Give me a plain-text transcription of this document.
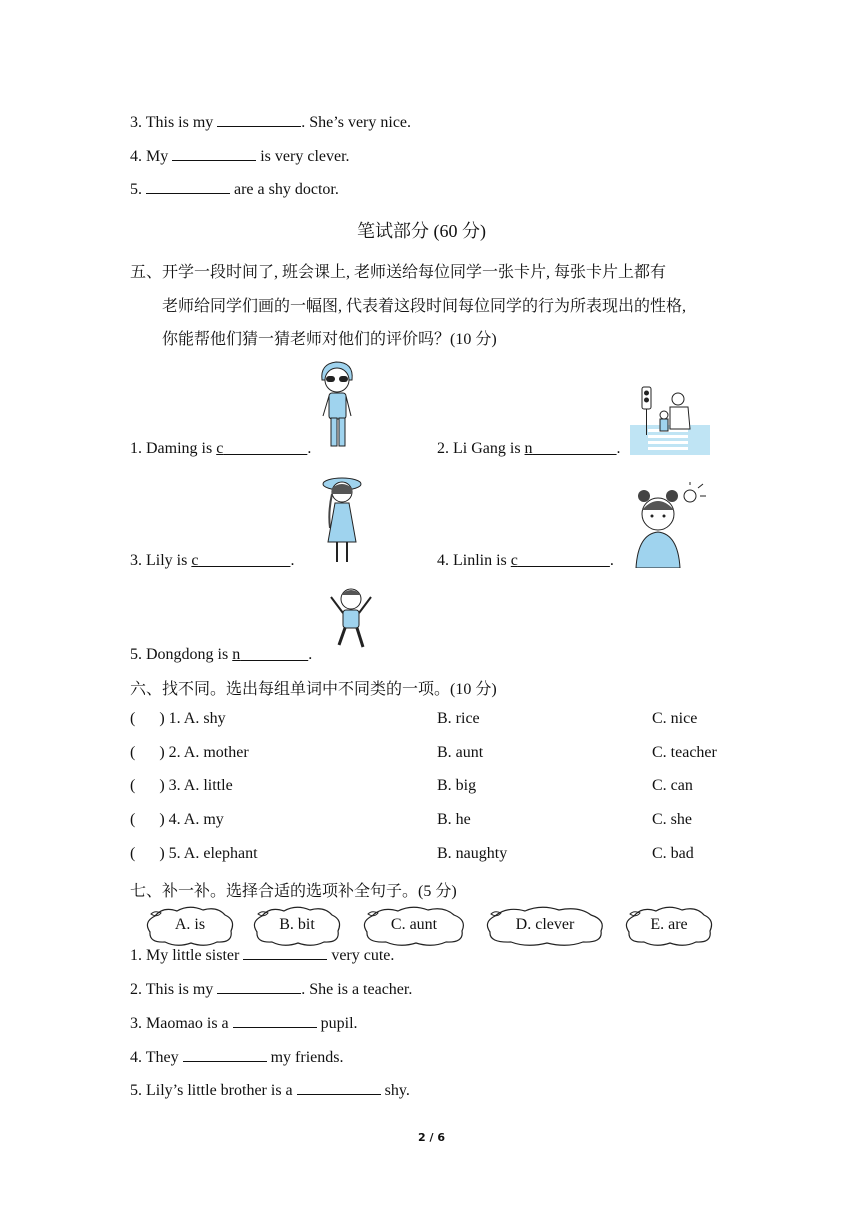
3. This is my	. She’s very nice.
4. My	is very clever.
5.	are a shy doctor.
笔试部分 (60 分)
五、开学一段时间了, 班会课上, 老师送给每位同学一张卡片, 每张卡片上都有
老师给同学们画的一幅图, 代表着这段时间每位同学的行为所表现出的性格,
你能帮他们猜一猜老师对他们的评价吗？(10 分)
1. Daming is c	.	2. Li Gang is n	.
3. Lily is c	.	4. Linlin is c	.
5. Dongdong is n	.
六、找不同。选出每组单词中不同类的一项。(10 分)
(      ) 1. A. shy	B. rice	C. nice
(      ) 2. A. mother	B. aunt	C. teacher
(      ) 3. A. little	B. big	C. can
(      ) 4. A. my	B. he	C. she
(      ) 5. A. elephant	B. naughty	C. bad
七、补一补。选择合适的选项补全句子。(5 分)
A. is	B. bit	C. aunt	D. clever	E. are
1. My little sister	very cute.
2. This is my	. She is a teacher.
3. Maomao is a	pupil.
4. They	my friends.
5. Lily’s little brother is a	shy.
2 / 6
